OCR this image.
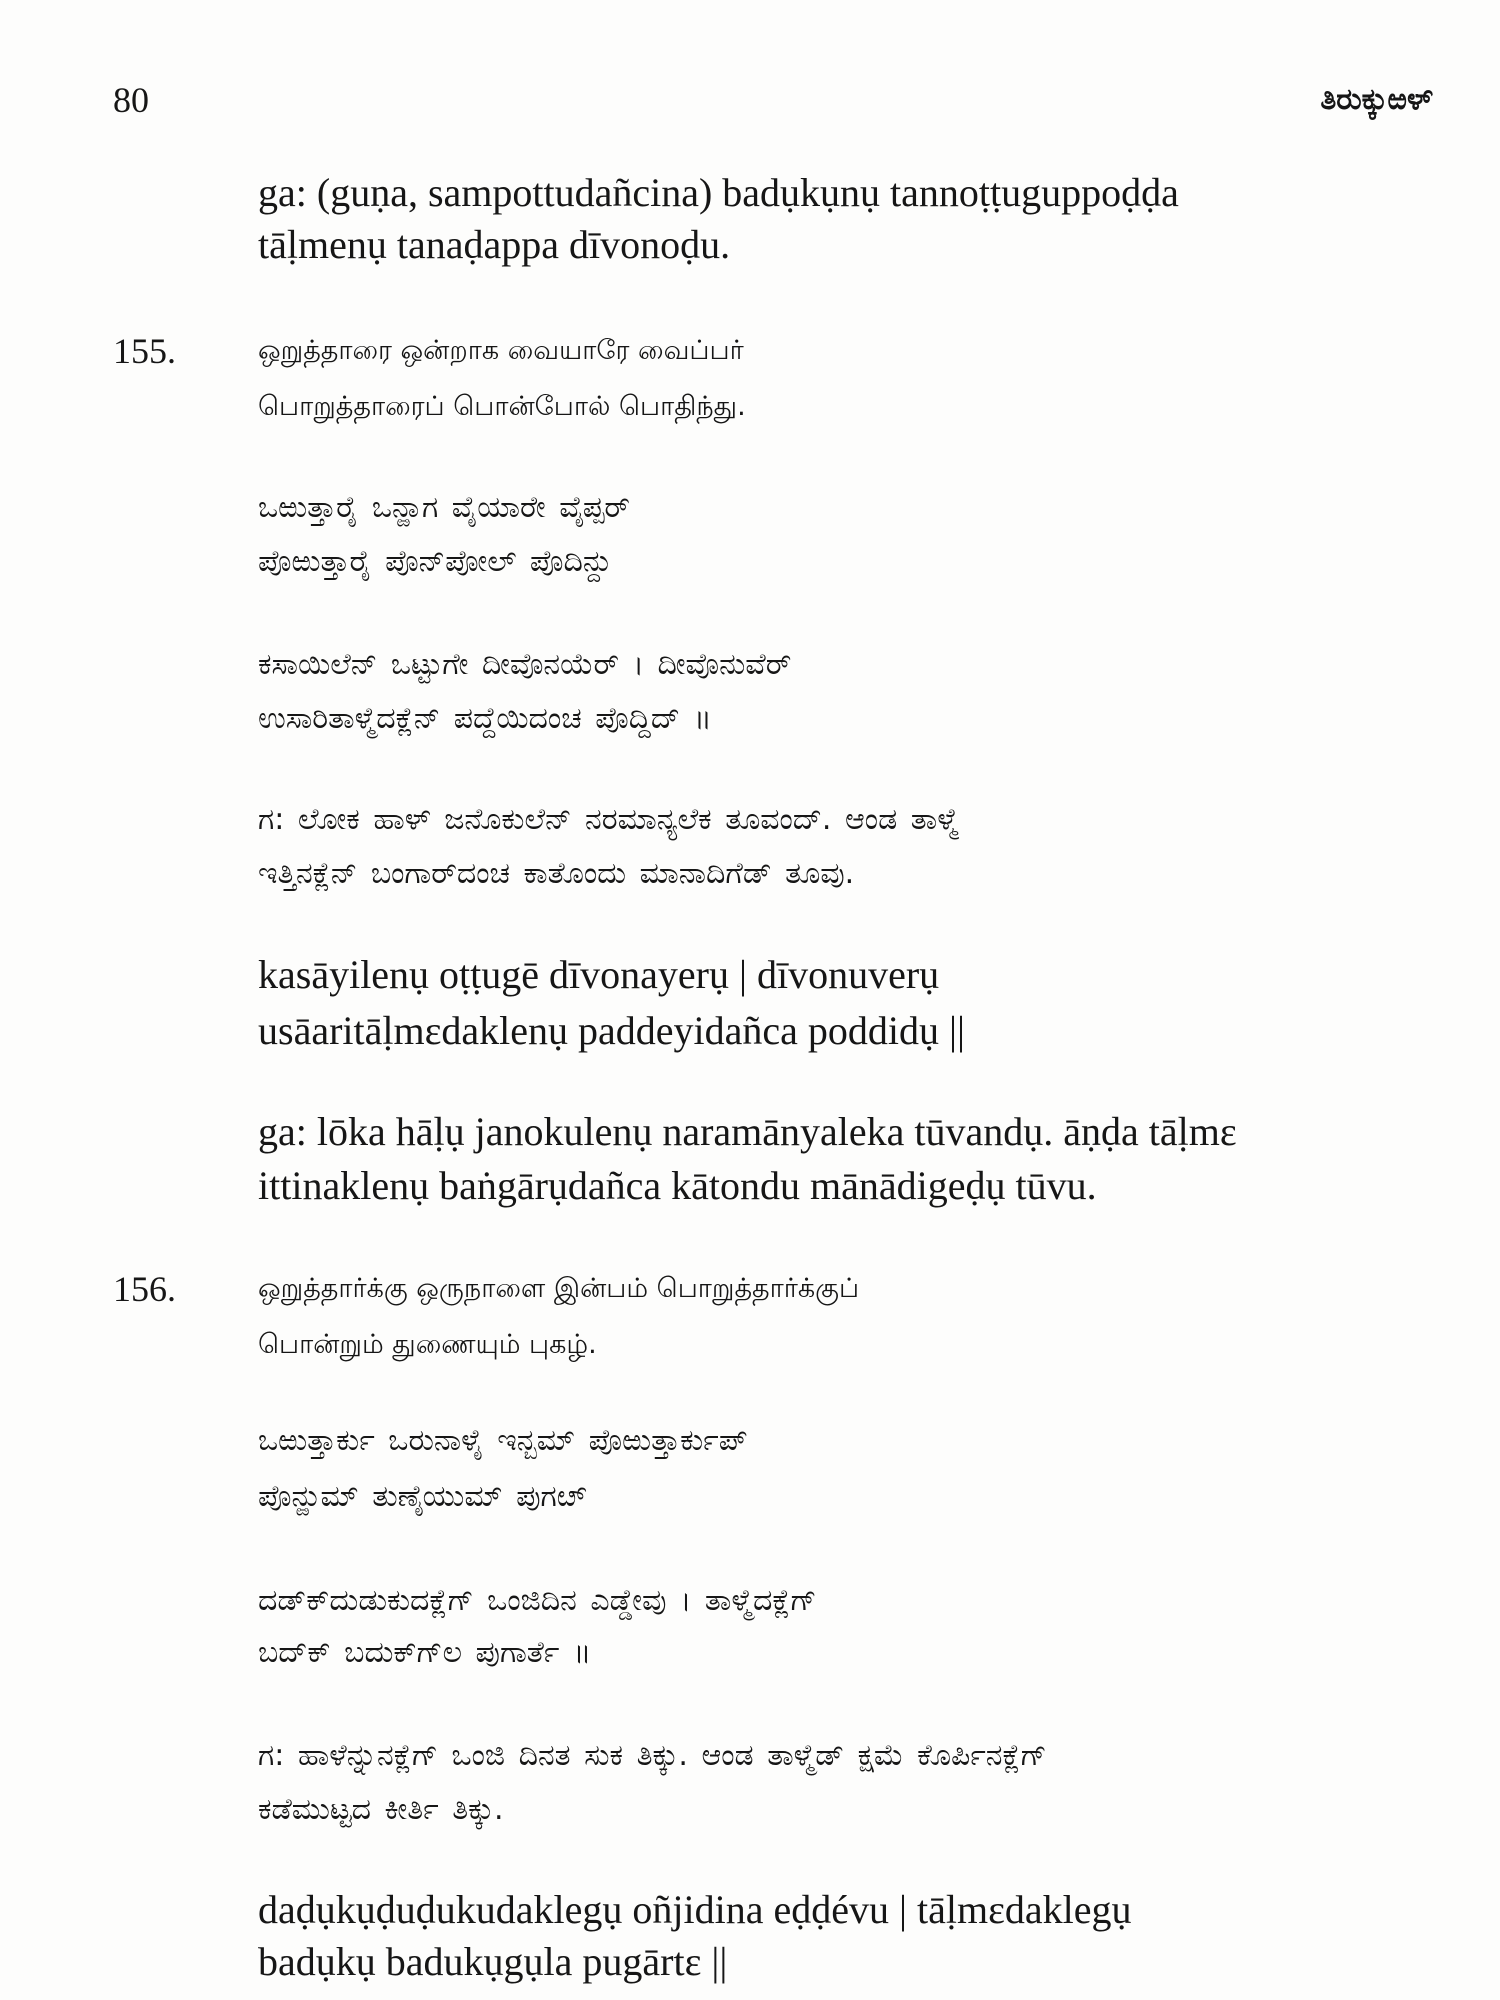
80	ತಿರುಕ್ಕುಱಳ್
ga: (guṇa, sampottudañcina) badụkụnụ tannoṭṭuguppoḍḍa
tāḷmenụ tanaḍappa dīvonoḍu.
155.	ஒறுத்தாரை ஒன்றாக வையாரே வைப்பர்
பொறுத்தாரைப் பொன்போல் பொதிந்து.
ಒಱುತ್ತಾರೈ ಒನ್ಱಾಗ ವೈಯಾರೇ ವೈಪ್ಪರ್
ಪೊಱುತ್ತಾರೈ ಪೊನ್‌ಪೋಲ್ ಪೊದಿನ್ದು
ಕಸಾಯಿಲೆನ್ ಒಟ್ಟುಗೇ ದೀವೊನಯೆರ್ । ದೀವೊನುವೆರ್
ಉಸಾರಿತಾಳ್ಮೆದಕ್ಲೆನ್ ಪದ್ದೆಯಿದಂಚ ಪೊದ್ದಿದ್ ॥
ಗ: ಲೋಕ ಹಾಳ್ ಜನೊಕುಲೆನ್ ನರಮಾನ್ಯಲೆಕ ತೂವಂದ್. ಆಂಡ ತಾಳ್ಮೆ
ಇತ್ತಿನಕ್ಲೆನ್ ಬಂಗಾರ್‌ದಂಚ ಕಾತೊಂದು ಮಾನಾದಿಗೆಡ್ ತೂವು.
kasāyilenụ oṭṭugē dīvonayerụ | dīvonuverụ
usāaritāḷmɛdaklenụ paddeyidañca poddidụ ||
ga: lōka hāḷụ janokulenụ naramānyaleka tūvandụ. āṇḍa tāḷmɛ
ittinaklenụ baṅgārụdañca kātondu mānādigeḍụ tūvu.
156.	ஒறுத்தார்க்கு ஒருநாளை இன்பம் பொறுத்தார்க்குப்
பொன்றும் துணையும் புகழ்.
ಒಱುತ್ತಾರ್ಕು ಒರುನಾಳೈ ಇನ್ಬಮ್ ಪೊಱುತ್ತಾರ್ಕುಪ್
ಪೊನ್ಱುಮ್ ತುಣೈಯುಮ್ ಪುಗೞ್
ದಡ್‌ಕ್‌ದುಡುಕುದಕ್ಲೆಗ್ ಒಂಜಿದಿನ ಎಡ್ಡೇವು । ತಾಳ್ಮೆದಕ್ಲೆಗ್
ಬದ್‌ಕ್ ಬದುಕ್‌ಗ್‌ಲ ಪುಗಾರ್ತೆ ॥
ಗ: ಹಾಳೆನ್ನುನಕ್ಲೆಗ್ ಒಂಜಿ ದಿನತ ಸುಕ ತಿಕ್ಕು. ಆಂಡ ತಾಳ್ಮೆಡ್ ಕ್ಷಮೆ ಕೊರ್ಪಿನಕ್ಲೆಗ್
ಕಡೆಮುಟ್ಟದ ಕೀರ್ತಿ ತಿಕ್ಕು.
daḍụkụḍuḍukudaklegụ oñjidina eḍḍévu | tāḷmɛdaklegụ
badụkụ badukụgụla pugārtɛ ||
